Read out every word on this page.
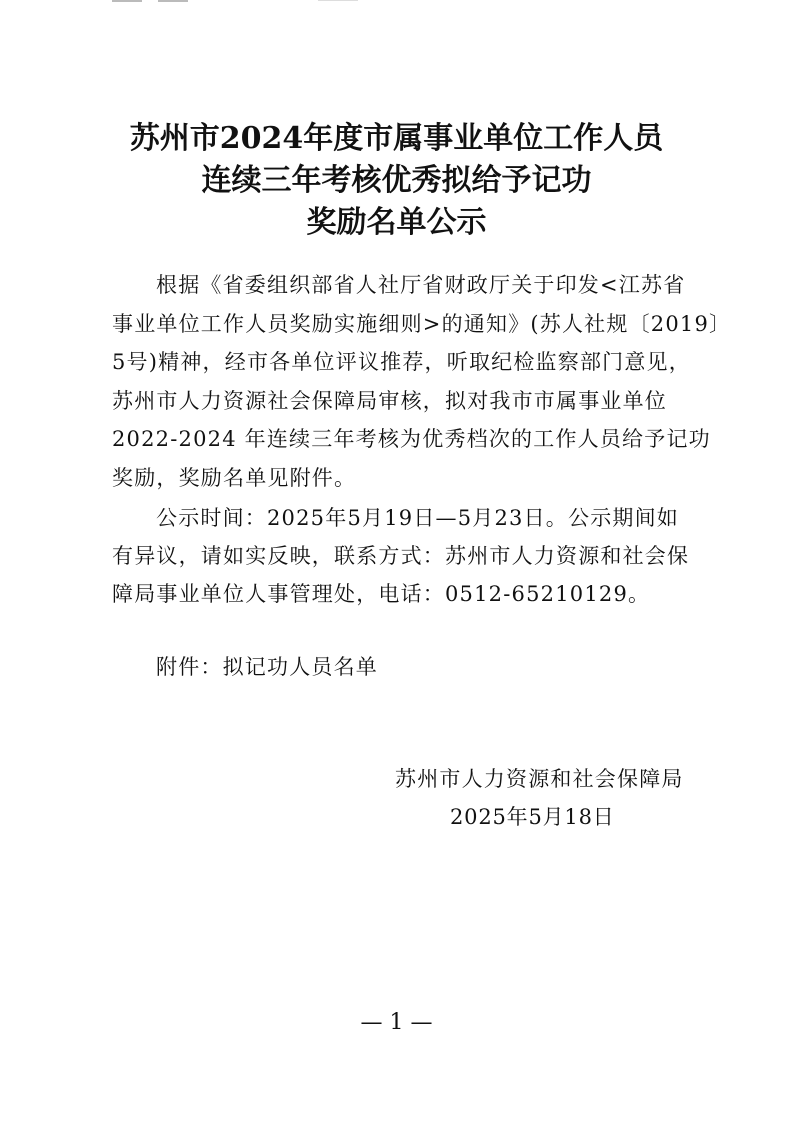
苏州市2024年度市属事业单位工作人员
连续三年考核优秀拟给予记功
奖励名单公示
根据《省委组织部省人社厅省财政厅关于印发<江苏省
事业单位工作人员奖励实施细则>的通知》(苏人社规〔2019〕
5号)精神，经市各单位评议推荐，听取纪检监察部门意见，
苏州市人力资源社会保障局审核，拟对我市市属事业单位
2022-2024 年连续三年考核为优秀档次的工作人员给予记功
奖励，奖励名单见附件。
公示时间：2025年5月19日—5月23日。公示期间如
有异议，请如实反映，联系方式：苏州市人力资源和社会保
障局事业单位人事管理处，电话：0512-65210129。
附件：拟记功人员名单
苏州市人力资源和社会保障局
2025年5月18日
— 1 —
